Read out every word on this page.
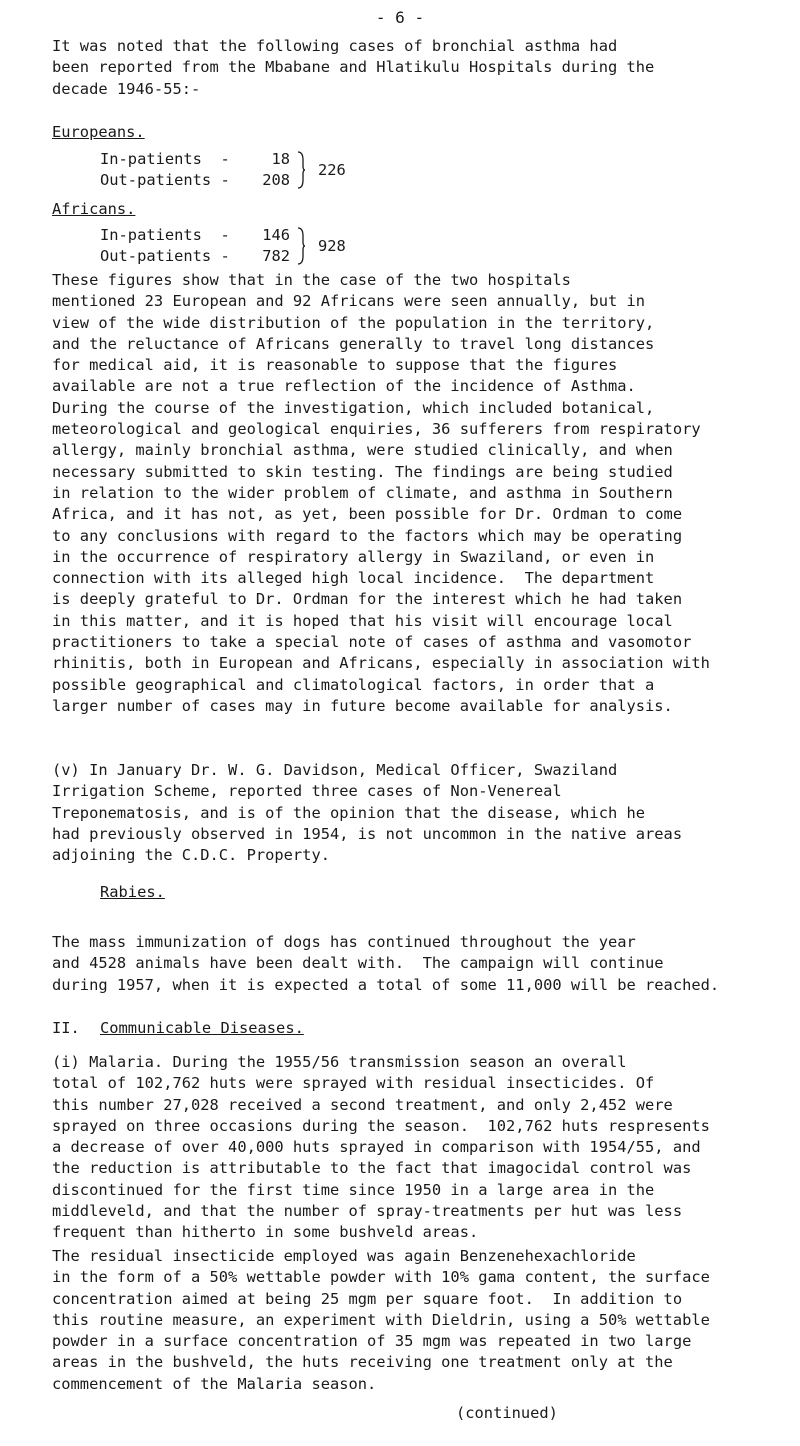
- 6 -
It was noted that the following cases of bronchial asthma had
been reported from the Mbabane and Hlatikulu Hospitals during the
decade 1946-55:-
Europeans.
In-patients  -	18
Out-patients -	208
226
Africans.
In-patients  -	146
Out-patients -	782
928
These figures show that in the case of the two hospitals
mentioned 23 European and 92 Africans were seen annually, but in
view of the wide distribution of the population in the territory,
and the reluctance of Africans generally to travel long distances
for medical aid, it is reasonable to suppose that the figures
available are not a true reflection of the incidence of Asthma.
During the course of the investigation, which included botanical,
meteorological and geological enquiries, 36 sufferers from respiratory
allergy, mainly bronchial asthma, were studied clinically, and when
necessary submitted to skin testing. The findings are being studied
in relation to the wider problem of climate, and asthma in Southern
Africa, and it has not, as yet, been possible for Dr. Ordman to come
to any conclusions with regard to the factors which may be operating
in the occurrence of respiratory allergy in Swaziland, or even in
connection with its alleged high local incidence.  The department
is deeply grateful to Dr. Ordman for the interest which he had taken
in this matter, and it is hoped that his visit will encourage local
practitioners to take a special note of cases of asthma and vasomotor
rhinitis, both in European and Africans, especially in association with
possible geographical and climatological factors, in order that a
larger number of cases may in future become available for analysis.
(v) In January Dr. W. G. Davidson, Medical Officer, Swaziland
Irrigation Scheme, reported three cases of Non-Venereal
Treponematosis, and is of the opinion that the disease, which he
had previously observed in 1954, is not uncommon in the native areas
adjoining the C.D.C. Property.
Rabies.
The mass immunization of dogs has continued throughout the year
and 4528 animals have been dealt with.  The campaign will continue
during 1957, when it is expected a total of some 11,000 will be reached.
II. Communicable Diseases.
(i) Malaria. During the 1955/56 transmission season an overall
total of 102,762 huts were sprayed with residual insecticides. Of
this number 27,028 received a second treatment, and only 2,452 were
sprayed on three occasions during the season.  102,762 huts respresents
a decrease of over 40,000 huts sprayed in comparison with 1954/55, and
the reduction is attributable to the fact that imagocidal control was
discontinued for the first time since 1950 in a large area in the
middleveld, and that the number of spray-treatments per hut was less
frequent than hitherto in some bushveld areas.
The residual insecticide employed was again Benzenehexachloride
in the form of a 50% wettable powder with 10% gama content, the surface
concentration aimed at being 25 mgm per square foot.  In addition to
this routine measure, an experiment with Dieldrin, using a 50% wettable
powder in a surface concentration of 35 mgm was repeated in two large
areas in the bushveld, the huts receiving one treatment only at the
commencement of the Malaria season.
(continued)
